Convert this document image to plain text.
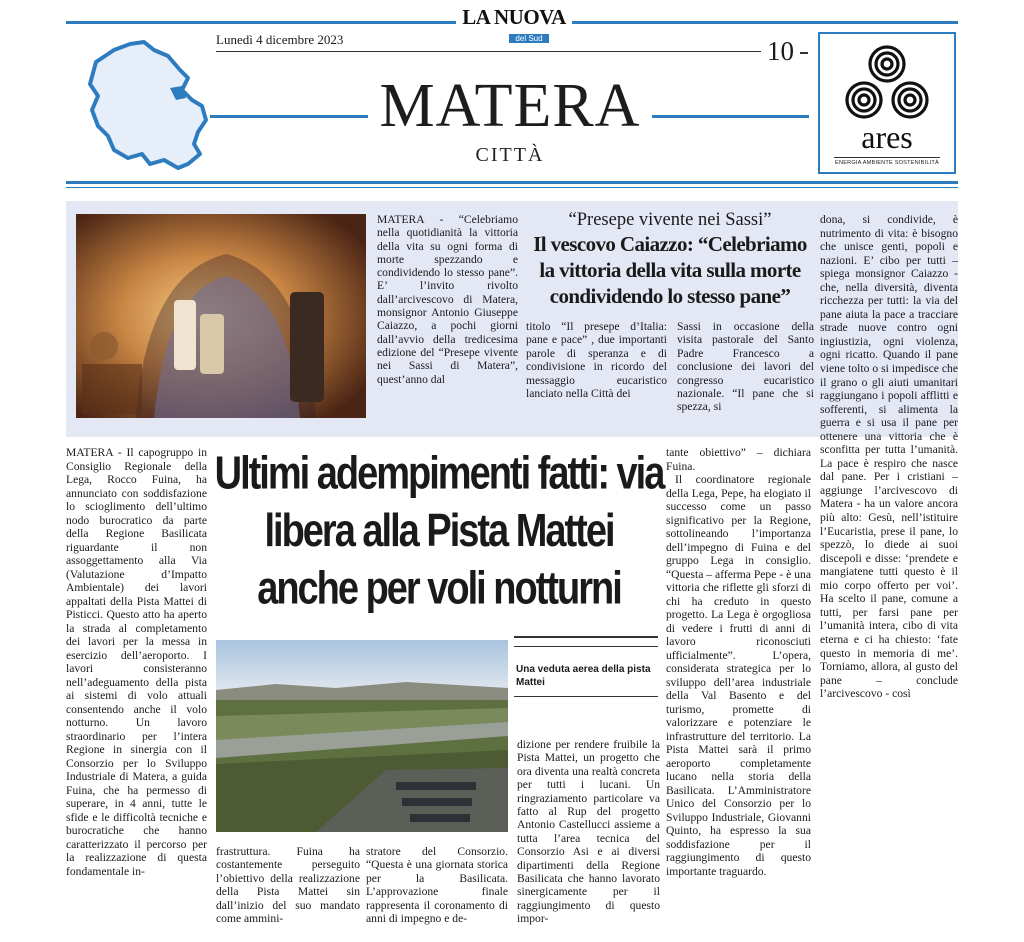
LA NUOVA
del Sud
Lunedì 4 dicembre 2023	10
MATERA
CITTÀ	ares
ENERGIA AMBIENTE SOSTENIBILITÀ
MATERA - “Celebriamo nella quotidianità la vittoria della vita su ogni forma di morte spezzando e condividendo lo stesso pane”. E’ l’invito rivolto dall’arcivescovo di Matera, monsignor Antonio Giuseppe Caiazzo, a pochi giorni dall’avvio della tredicesima edizione del “Presepe vivente nei Sassi di Matera”, quest’anno dal
“Presepe vivente nei Sassi”
Il vescovo Caiazzo: “Celebriamo la vittoria della vita sulla morte condividendo lo stesso pane”
titolo “Il presepe d’Italia: pane e pace” , due importanti parole di speranza e di condivisione in ricordo del messaggio eucaristico lanciato nella Città dei
Sassi in occasione della visita pastorale del Santo Padre Francesco a conclusione dei lavori del congresso eucaristico nazionale. “Il pane che si spezza, si
dona, si condivide, è nutrimento di vita: è bisogno che unisce genti, popoli e nazioni. E’ cibo per tutti – spiega monsignor Caiazzo -che, nella diversità, diventa ricchezza per tutti: la via del pane aiuta la pace a tracciare strade nuove contro ogni ingiustizia, ogni violenza, ogni ricatto. Quando il pane viene tolto o si impedisce che il grano o gli aiuti umanitari raggiungano i popoli afflitti e sofferenti, si alimenta la guerra e si usa il pane per ottenere una vittoria che è sconfitta per tutta l’umanità. La pace è respiro che nasce dal pane. Per i cristiani – aggiunge l’arcivescovo di Matera - ha un valore ancora più alto: Gesù, nell’istituire l’Eucaristia, prese il pane, lo spezzò, lo diede ai suoi discepoli e disse: ‘prendete e mangiatene tutti questo è il mio corpo offerto per voi’. Ha scelto il pane, comune a tutti, per farsi pane per l’umanità intera, cibo di vita eterna e ci ha chiesto: ‘fate questo in memoria di me’. Torniamo, allora, al gusto del pane – conclude l’arcivescovo - così
MATERA - Il capogruppo in Consiglio Regionale della Lega, Rocco Fuina, ha annunciato con soddisfazione lo scioglimento dell’ultimo nodo burocratico da parte della Regione Basilicata riguardante il non assoggettamento alla Via (Valutazione d’Impatto Ambientale) dei lavori appaltati della Pista Mattei di Pisticci. Questo atto ha aperto la strada al completamento dei lavori per la messa in esercizio dell’aeroporto. I lavori consisteranno nell’adeguamento della pista ai sistemi di volo attuali consentendo anche il volo notturno. Un lavoro straordinario per l’intera Regione in sinergia con il Consorzio per lo Sviluppo Industriale di Matera, a guida Fuina, che ha permesso di superare, in 4 anni, tutte le sfide e le difficoltà tecniche e burocratiche che hanno caratterizzato il percorso per la realizzazione di questa fondamentale in-
Ultimi adempimenti fatti: via libera alla Pista Mattei anche per voli notturni
Una veduta aerea della pista Mattei
frastruttura. Fuina ha costantemente perseguito l’obiettivo della realizzazione della Pista Mattei sin dall’inizio del suo mandato come ammini-
stratore del Consorzio. “Questa è una giornata storica per la Basilicata. L’approvazione finale rappresenta il coronamento di anni di impegno e de-
dizione per rendere fruibile la Pista Mattei, un progetto che ora diventa una realtà concreta per tutti i lucani. Un ringraziamento particolare va fatto al Rup del progetto Antonio Castellucci assieme a tutta l’area tecnica del Consorzio Asi e ai diversi dipartimenti della Regione Basilicata che hanno lavorato sinergicamente per il raggiungimento di questo impor-

tante obiettivo” – dichiara Fuina.

Il coordinatore regionale della Lega, Pepe, ha elogiato il successo come un passo significativo per la Regione, sottolineando l’importanza dell’impegno di Fuina e del gruppo Lega in consiglio. “Questa – afferma Pepe - è una vittoria che riflette gli sforzi di chi ha creduto in questo progetto. La Lega è orgogliosa di vedere i frutti di anni di lavoro riconosciuti ufficialmente”. L’opera, considerata strategica per lo sviluppo dell’area industriale della Val Basento e del turismo, promette di valorizzare e potenziare le infrastrutture del territorio. La Pista Mattei sarà il primo aeroporto completamente lucano nella storia della Basilicata. L’Amministratore Unico del Consorzio per lo Sviluppo Industriale, Giovanni Quinto, ha espresso la sua soddisfazione per il raggiungimento di questo importante traguardo.
